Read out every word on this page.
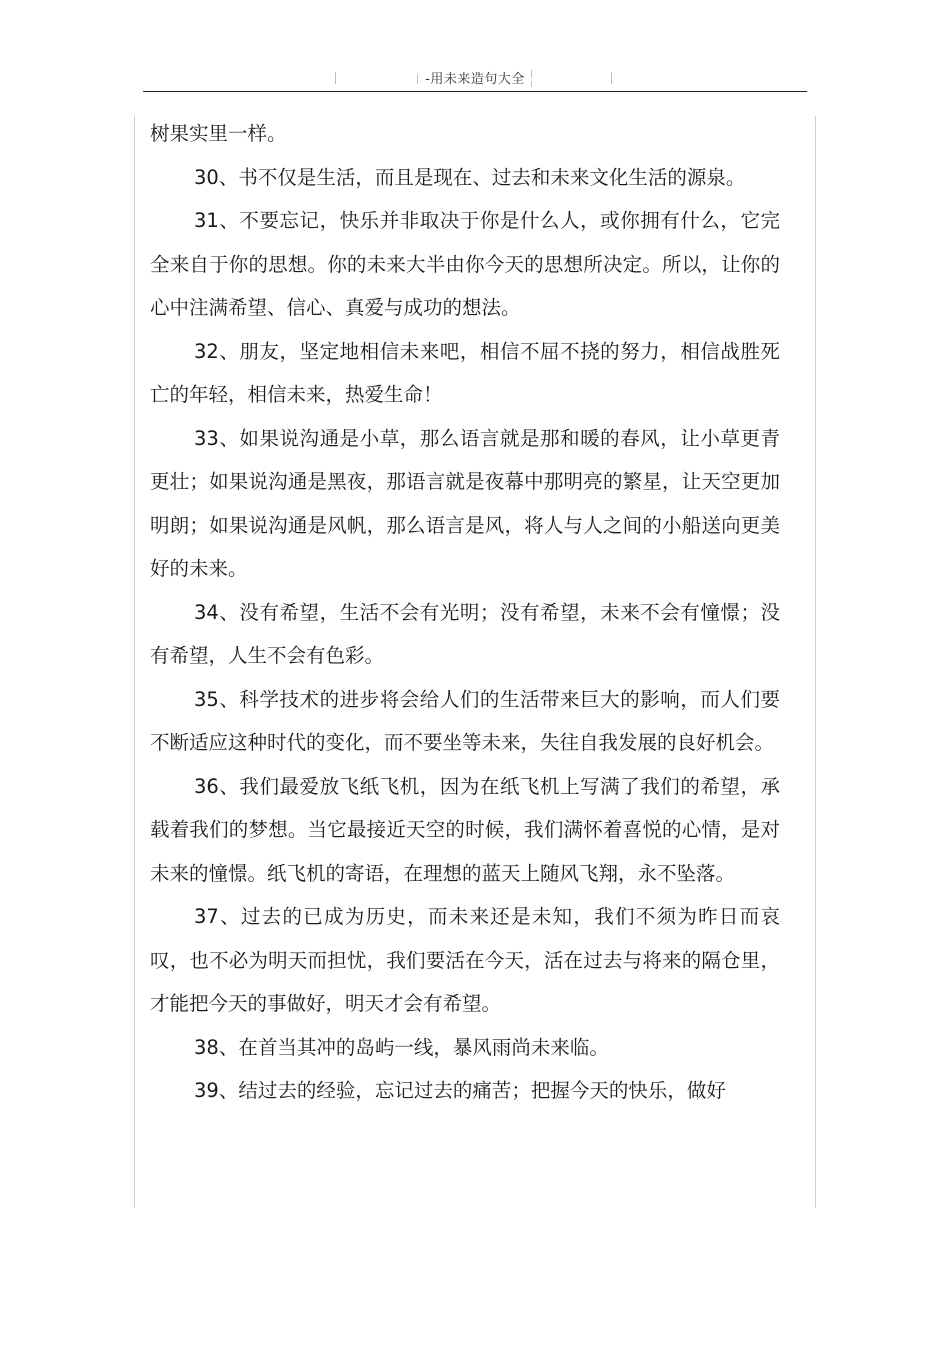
-用未来造句大全

树果实里一样。

30、书不仅是生活，而且是现在、过去和未来文化生活的源泉。

31、不要忘记，快乐并非取决于你是什么人，或你拥有什么，它完全来自于你的思想。你的未来大半由你今天的思想所决定。所以，让你的心中注满希望、信心、真爱与成功的想法。

32、朋友，坚定地相信未来吧，相信不屈不挠的努力，相信战胜死亡的年轻，相信未来，热爱生命！

33、如果说沟通是小草，那么语言就是那和暖的春风，让小草更青更壮；如果说沟通是黑夜，那语言就是夜幕中那明亮的繁星，让天空更加明朗；如果说沟通是风帆，那么语言是风，将人与人之间的小船送向更美好的未来。

34、没有希望，生活不会有光明；没有希望，未来不会有憧憬；没有希望，人生不会有色彩。

35、科学技术的进步将会给人们的生活带来巨大的影响，而人们要不断适应这种时代的变化，而不要坐等未来，失往自我发展的良好机会。

36、我们最爱放飞纸飞机，因为在纸飞机上写满了我们的希望，承载着我们的梦想。当它最接近天空的时候，我们满怀着喜悦的心情，是对未来的憧憬。纸飞机的寄语，在理想的蓝天上随风飞翔，永不坠落。

37、过去的已成为历史，而未来还是未知，我们不须为昨日而哀叹，也不必为明天而担忧，我们要活在今天，活在过去与将来的隔仓里，才能把今天的事做好，明天才会有希望。

38、在首当其冲的岛屿一线，暴风雨尚未来临。

39、结过去的经验，忘记过去的痛苦；把握今天的快乐，做好
